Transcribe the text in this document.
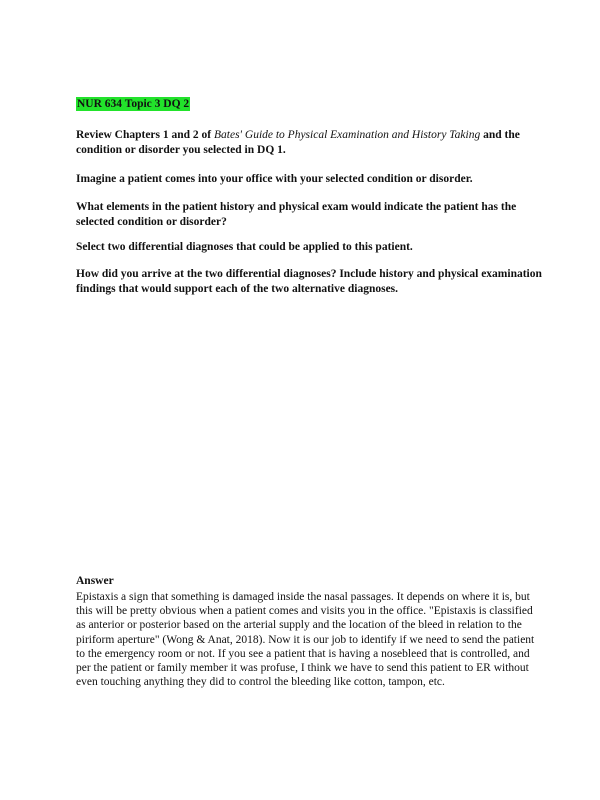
NUR 634 Topic 3 DQ 2

Review Chapters 1 and 2 of Bates' Guide to Physical Examination and History Taking and the condition or disorder you selected in DQ 1.

Imagine a patient comes into your office with your selected condition or disorder.

What elements in the patient history and physical exam would indicate the patient has the selected condition or disorder?

Select two differential diagnoses that could be applied to this patient.

How did you arrive at the two differential diagnoses? Include history and physical examination findings that would support each of the two alternative diagnoses.

Answer

Epistaxis a sign that something is damaged inside the nasal passages. It depends on where it is, but this will be pretty obvious when a patient comes and visits you in the office. "Epistaxis is classified as anterior or posterior based on the arterial supply and the location of the bleed in relation to the piriform aperture" (Wong & Anat, 2018). Now it is our job to identify if we need to send the patient to the emergency room or not. If you see a patient that is having a nosebleed that is controlled, and per the patient or family member it was profuse, I think we have to send this patient to ER without even touching anything they did to control the bleeding like cotton, tampon, etc.
